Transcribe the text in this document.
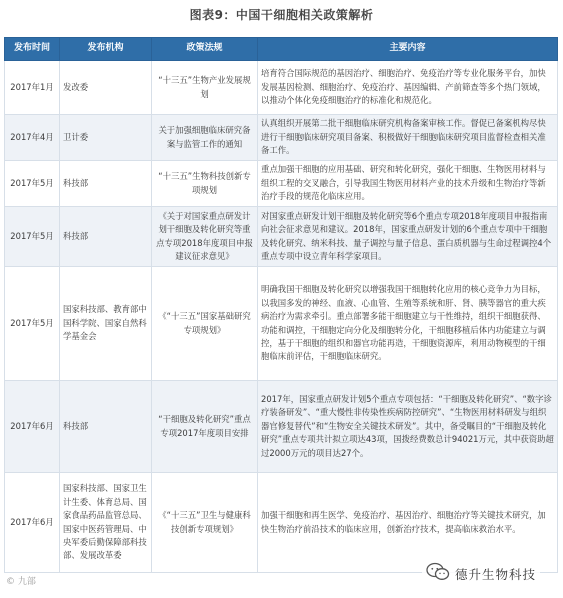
图表9：中国干细胞相关政策解析
发布时间	发布机构	政策法规	主要内容
2017年1月	发改委	“十三五”生物产业发展规划	培育符合国际规范的基因治疗、细胞治疗、免疫治疗等专业化服务平台，加快发展基因检测、细胞治疗、免疫治疗、基因编辑、产前筛查等多个热门领域，以推动个体化免疫细胞治疗的标准化和规范化。
2017年4月	卫计委	关于加强细胞临床研究备案与监管工作的通知	认真组织开展第二批干细胞临床研究机构备案审核工作。督促已备案机构尽快进行干细胞临床研究项目备案、积极做好干细胞临床研究项目监督检查相关准备工作。
2017年5月	科技部	“十三五”生物科技创新专项规划	重点加强干细胞的应用基础、研究和转化研究，强化干细胞、生物医用材料与组织工程的交叉融合，引导我国生物医用材料产业的技术升级和生物治疗等新治疗手段的规范化临床应用。
2017年5月	科技部	《关于对国家重点研发计划干细胞及转化研究等重点专项2018年度项目申报建议征求意见》	对国家重点研发计划干细胞及转化研究等6个重点专项2018年度项目申报指南向社会征求意见和建议。2018年，国家重点研发计划的6个重点专项中干细胞及转化研究、纳米科技、量子调控与量子信息、蛋白质机器与生命过程调控4个重点专项中设立青年科学家项目。
2017年5月	国家科技部、教育部中国科学院、国家自然科学基金会	《“十三五”国家基础研究专项规划》	明确我国干细胞及转化研究以增强我国干细胞转化应用的核心竞争力为目标，以我国多发的神经、血液、心血管、生殖等系统和肝、肾、胰等器官的重大疾病治疗为需求牵引。重点部署多能干细胞建立与干性维持，组织干细胞获得、功能和调控，干细胞定向分化及细胞转分化，干细胞移植后体内功能建立与调控，基于干细胞的组织和器官功能再造，干细胞资源库，利用动物模型的干细胞临床前评估，干细胞临床研究。
2017年6月	科技部	“干细胞及转化研究”重点专项2017年度项目安排	2017年，国家重点研发计划5个重点专项包括：“干细胞及转化研究”、“数字诊疗装备研发”、“重大慢性非传染性疾病防控研究”、“生物医用材料研发与组织器官修复替代”和“生物安全关键技术研发”。其中，备受瞩目的“干细胞及转化研究”重点专项共计拟立项达43项，国拨经费数总计94021万元，其中获资助超过2000万元的项目达27个。
2017年6月	国家科技部、国家卫生计生委、体育总局、国家食品药品监管总局、国家中医药管理局、中央军委后勤保障部科技部、发展改革委	《“十三五”卫生与健康科技创新专项规划》	加强干细胞和再生医学、免疫治疗、基因治疗、细胞治疗等关键技术研究，加快生物治疗前沿技术的临床应用，创新治疗技术，提高临床救治水平。
© 九部	德升生物科技
